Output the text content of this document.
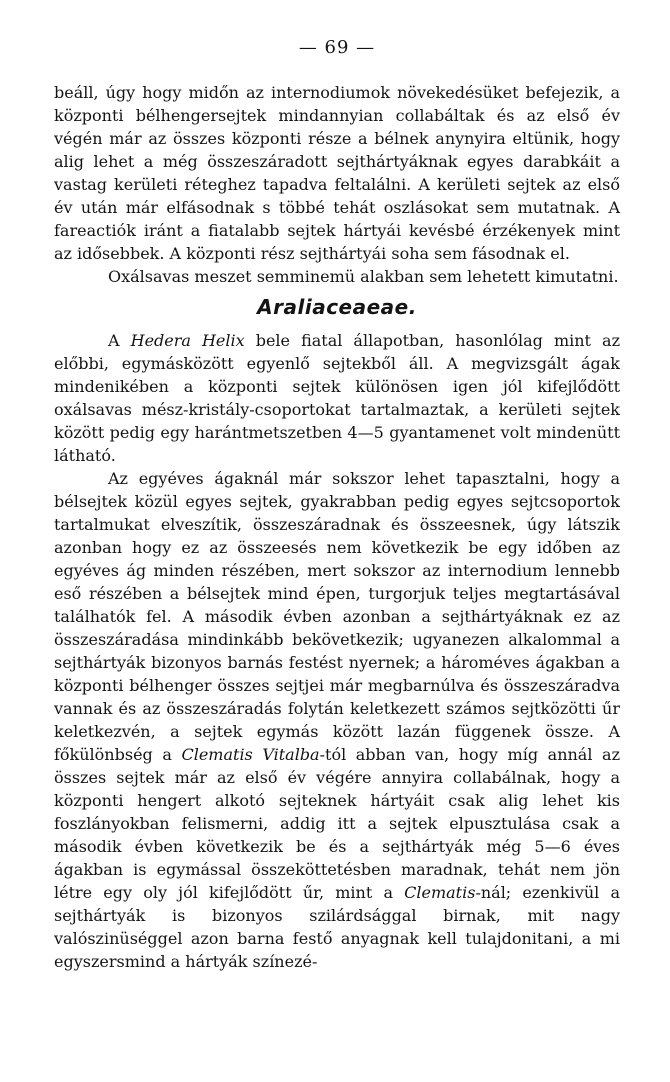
— 69 —

beáll, úgy hogy midőn az internodiumok növekedésüket befejezik, a központi bélhengersejtek mindannyian collabáltak és az első év végén már az összes központi része a bélnek anynyira eltünik, hogy alig lehet a még összeszáradott sejthártyáknak egyes darabkáit a vastag kerületi réteghez tapadva feltalálni. A kerületi sejtek az első év után már elfásodnak s többé tehát oszlásokat sem mutatnak. A fareactiók iránt a fiatalabb sejtek hártyái kevésbé érzékenyek mint az idősebbek. A központi rész sejthártyái soha sem fásodnak el.

Oxálsavas meszet semminemü alakban sem lehetett kimutatni.

Araliaceaeae.

A Hedera Helix bele fiatal állapotban, hasonlólag mint az előbbi, egymásközött egyenlő sejtekből áll. A megvizsgált ágak mindenikében a központi sejtek különösen igen jól kifejlődött oxálsavas mész-kristály-csoportokat tartalmaztak, a kerületi sejtek között pedig egy harántmetszetben 4—5 gyantamenet volt mindenütt látható.

Az egyéves ágaknál már sokszor lehet tapasztalni, hogy a bélsejtek közül egyes sejtek, gyakrabban pedig egyes sejtcsoportok tartalmukat elveszítik, összeszáradnak és összeesnek, úgy látszik azonban hogy ez az összeesés nem következik be egy időben az egyéves ág minden részében, mert sokszor az internodium lennebb eső részében a bélsejtek mind épen, turgorjuk teljes megtartásával találhatók fel. A második évben azonban a sejthártyáknak ez az összeszáradása mindinkább bekövetkezik; ugyanezen alkalommal a sejthártyák bizonyos barnás festést nyernek; a hároméves ágakban a központi bélhenger összes sejtjei már megbarnúlva és összeszáradva vannak és az összeszáradás folytán keletkezett számos sejtközötti űr keletkezvén, a sejtek egymás között lazán függenek össze. A főkülönbség a Clematis Vitalba-tól abban van, hogy míg annál az összes sejtek már az első év végére annyira collabálnak, hogy a központi hengert alkotó sejteknek hártyáit csak alig lehet kis foszlányokban felismerni, addig itt a sejtek elpusztulása csak a második évben következik be és a sejthártyák még 5—6 éves ágakban is egymással összeköttetésben maradnak, tehát nem jön létre egy oly jól kifejlődött űr, mint a Clematis-nál; ezenkivül a sejthártyák is bizonyos szilárdsággal birnak, mit nagy valószinüséggel azon barna festő anyagnak kell tulajdonitani, a mi egyszersmind a hártyák színezé-
